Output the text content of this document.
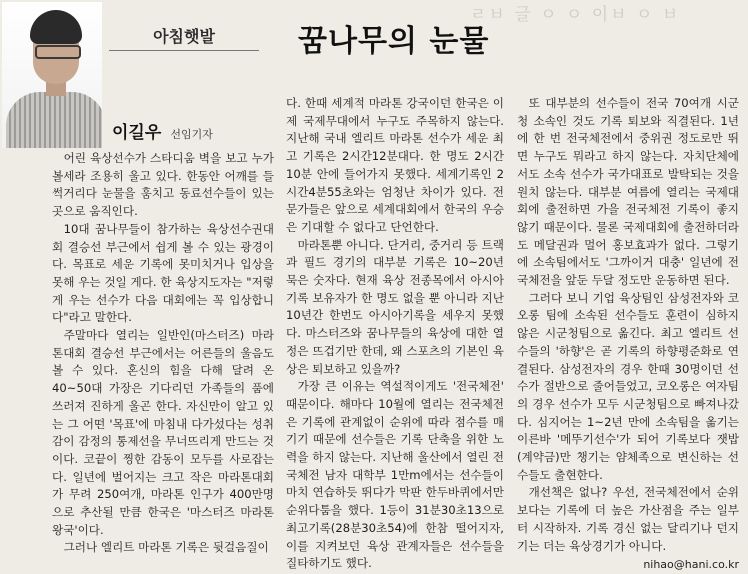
ㄹㅂ 글 ㅇ ㅇ 이ㅂ ㅇ ㅂ
아침햇발	꿈나무의 눈물
이길우 선임기자

어린 육상선수가 스타디움 벽을 보고 누가 볼세라 조용히 울고 있다. 한동안 어깨를 들썩거리다 눈물을 훔치고 동료선수들이 있는 곳으로 움직인다.

10대 꿈나무들이 참가하는 육상선수권대회 결승선 부근에서 쉽게 볼 수 있는 광경이다. 목표로 세운 기록에 못미치거나 입상을 못해 우는 것일 게다. 한 육상지도자는 "저렇게 우는 선수가 다음 대회에는 꼭 입상합니다"라고 말한다.

주말마다 열리는 일반인(마스터즈) 마라톤대회 결승선 부근에서는 어른들의 울음도 볼 수 있다. 혼신의 힘을 다해 달려 온 40~50대 가장은 기다리던 가족들의 품에 쓰러져 진하게 울곤 한다. 자신만이 알고 있는 그 어떤 '목표'에 마침내 다가섰다는 성취감이 감정의 통제선을 무너뜨리게 만드는 것이다. 코끝이 찡한 감동이 모두를 사로잡는다. 일년에 벌어지는 크고 작은 마라톤대회가 무려 250여개, 마라톤 인구가 400만명으로 추산될 만큼 한국은 '마스터즈 마라톤 왕국'이다.

그러나 엘리트 마라톤 기록은 뒷걸음질이

다. 한때 세계적 마라톤 강국이던 한국은 이제 국제무대에서 누구도 주목하지 않는다. 지난해 국내 엘리트 마라톤 선수가 세운 최고 기록은 2시간12분대다. 한 명도 2시간10분 안에 들어가지 못했다. 세계기록인 2시간4분55초와는 엄청난 차이가 있다. 전문가들은 앞으로 세계대회에서 한국의 우승은 기대할 수 없다고 단언한다.

마라톤뿐 아니다. 단거리, 중거리 등 트랙과 필드 경기의 대부분 기록은 10~20년 묵은 숫자다. 현재 육상 전종목에서 아시아기록 보유자가 한 명도 없을 뿐 아니라 지난 10년간 한번도 아시아기록을 세우지 못했다. 마스터즈와 꿈나무들의 육상에 대한 열정은 뜨겁기만 한데, 왜 스포츠의 기본인 육상은 퇴보하고 있을까?

가장 큰 이유는 역설적이게도 '전국체전' 때문이다. 해마다 10월에 열리는 전국체전은 기록에 관계없이 순위에 따라 점수를 매기기 때문에 선수들은 기록 단축을 위한 노력을 하지 않는다. 지난해 울산에서 열린 전국체전 남자 대학부 1만m에서는 선수들이 마치 연습하듯 뛰다가 막판 한두바퀴에서만 순위다툼을 했다. 1등이 31분30초13으로 최고기록(28분30초54)에 한참 떨어지자, 이를 지켜보던 육상 관계자들은 선수들을 질타하기도 했다.

또 대부분의 선수들이 전국 70여개 시군청 소속인 것도 기록 퇴보와 직결된다. 1년에 한 번 전국체전에서 중위권 정도로만 뛰면 누구도 뭐라고 하지 않는다. 자치단체에서도 소속 선수가 국가대표로 발탁되는 것을 원치 않는다. 대부분 여름에 열리는 국제대회에 출전하면 가을 전국체전 기록이 좋지 않기 때문이다. 물론 국제대회에 출전하더라도 메달권과 멀어 홍보효과가 없다. 그렇기에 소속팀에서도 '그까이거 대충' 일년에 전국체전을 앞둔 두달 정도만 운동하면 된다.

그러다 보니 기업 육상팀인 삼성전자와 코오롱 팀에 소속된 선수들도 훈련이 심하지 않은 시군청팀으로 옮긴다. 최고 엘리트 선수들의 '하향'은 곧 기록의 하향평준화로 연결된다. 삼성전자의 경우 한때 30명이던 선수가 절반으로 줄어들었고, 코오롱은 여자팀의 경우 선수가 모두 시군청팀으로 빠져나갔다. 심지어는 1~2년 만에 소속팀을 옮기는 이른바 '메뚜기선수'가 되어 기록보다 잿밥(계약금)만 챙기는 얌체족으로 변신하는 선수들도 출현한다.

개선책은 없나? 우선, 전국체전에서 순위보다는 기록에 더 높은 가산점을 주는 일부터 시작하자. 기록 경신 없는 달리기나 던지기는 더는 육상경기가 아니다.

nihao@hani.co.kr
